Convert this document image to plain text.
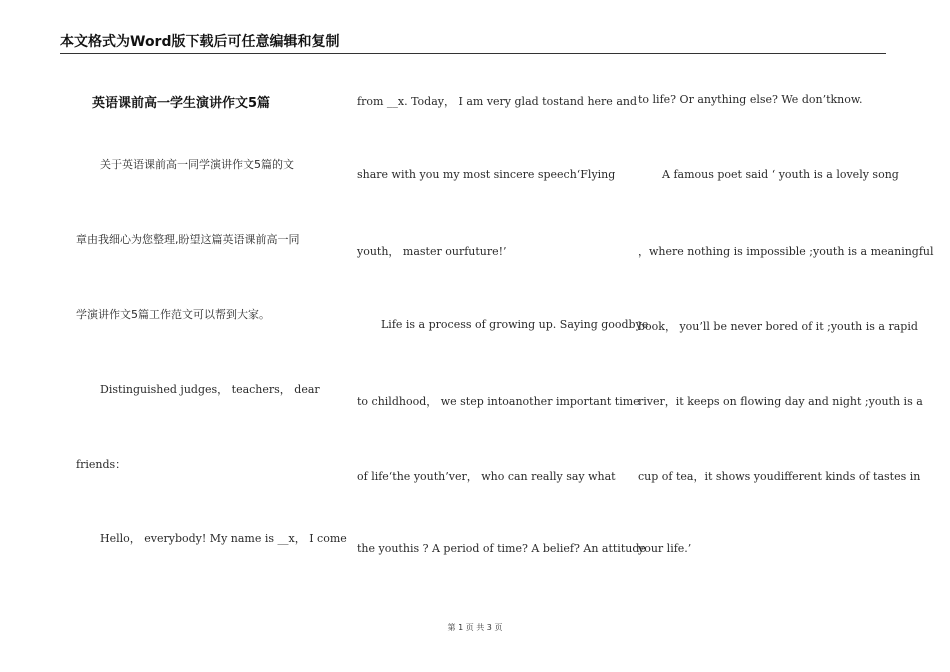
本文格式为Word版下载后可任意编辑和复制
英语课前高一学生演讲作文5篇
关于英语课前高一同学演讲作文5篇的文
章由我细心为您整理,盼望这篇英语课前高一同
学演讲作文5篇工作范文可以帮到大家。
Distinguished judges， teachers， dear
friends：
Hello， everybody! My name is __x， I come
from __x. Today， I am very glad tostand here and
share with you my most sincere speech‘Flying
youth， master ourfuture!’
Life is a process of growing up. Saying goodbye
to childhood， we step intoanother important time
of life‘the youth’ver， who can really say what
the youthis ? A period of time? A belief? An attitude
to life? Or anything else? We don’tknow.
A famous poet said ‘ youth is a lovely song
，where nothing is impossible ;youth is a meaningful
book， you’ll be never bored of it ;youth is a rapid
river，it keeps on flowing day and night ;youth is a
cup of tea，it shows youdifferent kinds of tastes in
your life.’
第 1 页 共 3 页
